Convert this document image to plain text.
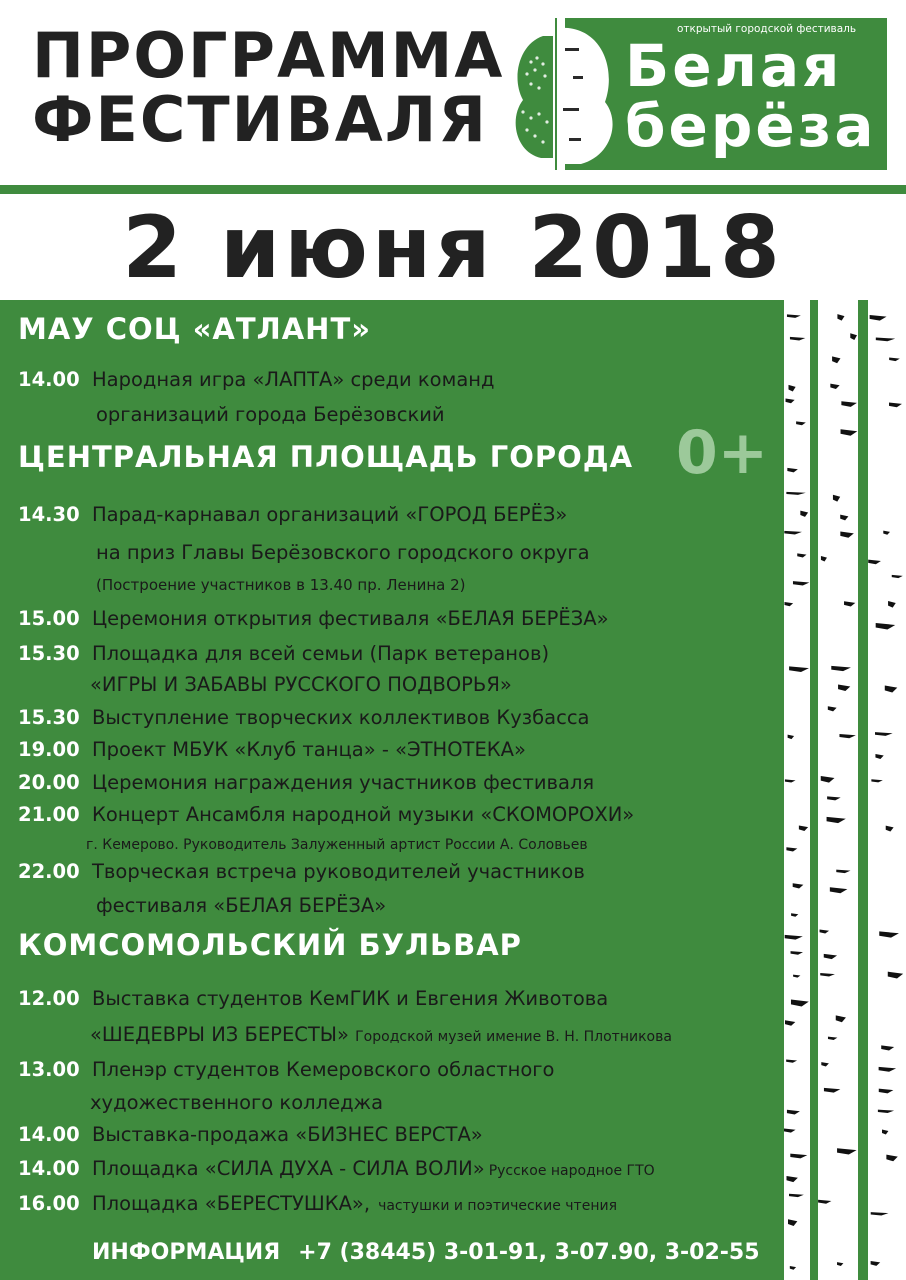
ПРОГРАММА
ФЕСТИВАЛЯ
открытый городской фестиваль
Белая
берёза
2 июня 2018
0+
МАУ СОЦ «АТЛАНТ»
14.00 Народная игра «ЛАПТА» среди команд
организаций города Берёзовский
ЦЕНТРАЛЬНАЯ ПЛОЩАДЬ ГОРОДА
14.30 Парад-карнавал организаций «ГОРОД БЕРЁЗ»
на приз Главы Берёзовского городского округа
(Построение участников в 13.40 пр. Ленина 2)
15.00 Церемония открытия фестиваля «БЕЛАЯ БЕРЁЗА»
15.30 Площадка для всей семьи (Парк ветеранов)
«ИГРЫ И ЗАБАВЫ РУССКОГО ПОДВОРЬЯ»
15.30 Выступление творческих коллективов Кузбасса
19.00 Проект МБУК «Клуб танца» - «ЭТНОТЕКА»
20.00 Церемония награждения участников фестиваля
21.00 Концерт Ансамбля народной музыки «СКОМОРОХИ»
г. Кемерово. Руководитель Залуженный артист России А. Соловьев
22.00 Творческая встреча руководителей участников
фестиваля «БЕЛАЯ БЕРЁЗА»
КОМСОМОЛЬСКИЙ БУЛЬВАР
12.00 Выставка студентов КемГИК и Евгения Животова
«ШЕДЕВРЫ ИЗ БЕРЕСТЫ» Городской музей имение В. Н. Плотникова
13.00 Пленэр студентов Кемеровского областного
художественного колледжа
14.00 Выставка-продажа «БИЗНЕС ВЕРСТА»
14.00 Площадка «СИЛА ДУХА - СИЛА ВОЛИ» Русское народное ГТО
16.00 Площадка «БЕРЕСТУШКА», частушки и поэтические чтения
ИНФОРМАЦИЯ +7 (38445) 3-01-91, 3-07.90, 3-02-55
